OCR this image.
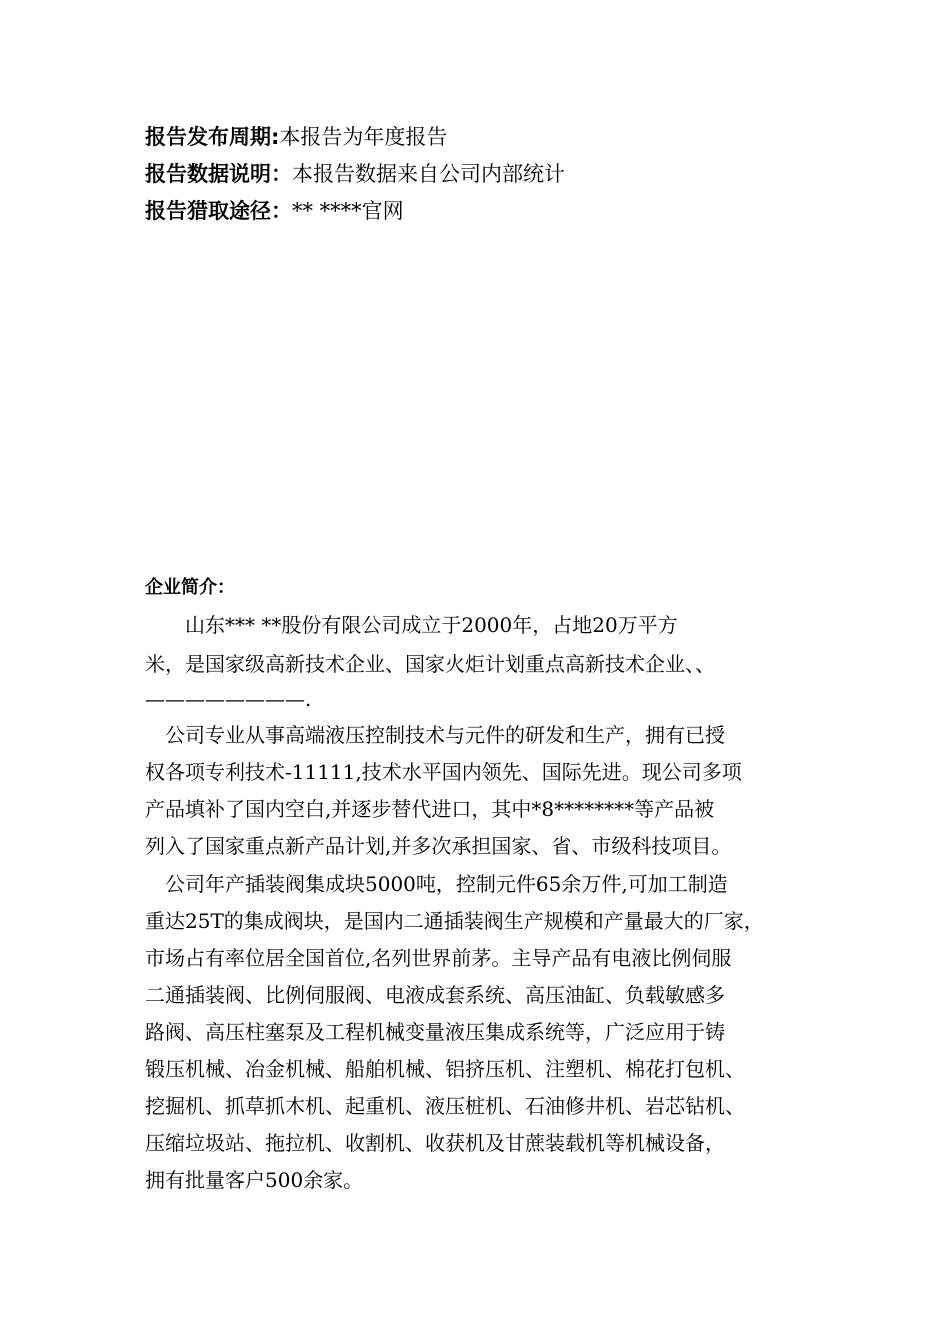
报告发布周期:本报告为年度报告
报告数据说明：本报告数据来自公司内部统计
报告猎取途径：** ****官网
企业简介：
　　山东*** **股份有限公司成立于2000年，占地20万平方
米，是国家级高新技术企业、国家火炬计划重点高新技术企业、、
————————.
　公司专业从事高端液压控制技术与元件的研发和生产，拥有已授
权各项专利技术-11111,技术水平国内领先、国际先进。现公司多项
产品填补了国内空白,并逐步替代进口，其中*8********等产品被
列入了国家重点新产品计划,并多次承担国家、省、市级科技项目。
　公司年产插装阀集成块5000吨，控制元件65余万件,可加工制造
重达25T的集成阀块，是国内二通插装阀生产规模和产量最大的厂家，
市场占有率位居全国首位,名列世界前茅。主导产品有电液比例伺服
二通插装阀、比例伺服阀、电液成套系统、高压油缸、负载敏感多
路阀、高压柱塞泵及工程机械变量液压集成系统等，广泛应用于铸
锻压机械、冶金机械、船舶机械、铝挤压机、注塑机、棉花打包机、
挖掘机、抓草抓木机、起重机、液压桩机、石油修井机、岩芯钻机、
压缩垃圾站、拖拉机、收割机、收获机及甘蔗装载机等机械设备，
拥有批量客户500余家。
